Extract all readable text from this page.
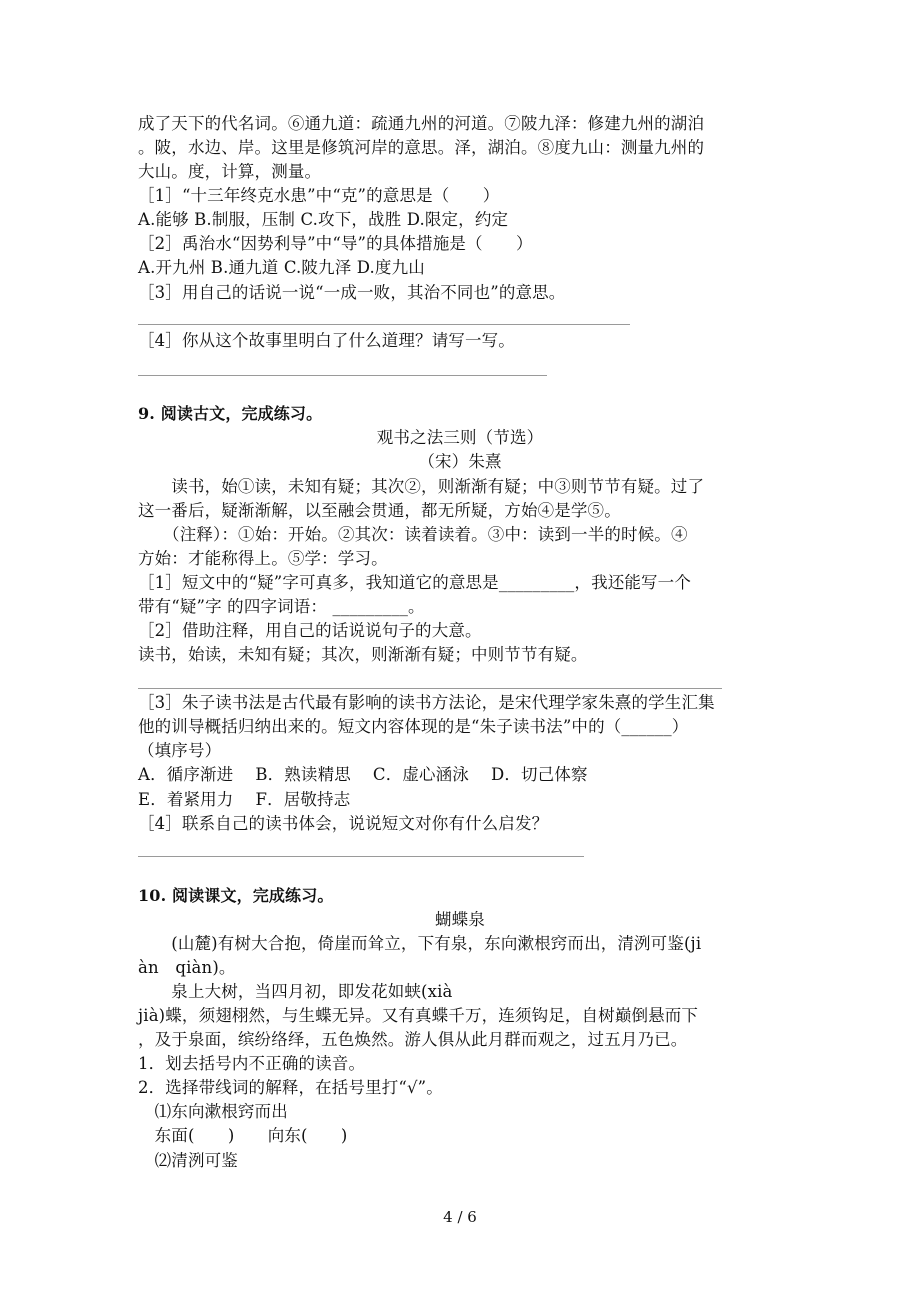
成了天下的代名词。⑥通九道：疏通九州的河道。⑦陂九泽：修建九州的湖泊

。陂，水边、岸。这里是修筑河岸的意思。泽，湖泊。⑧度九山：测量九州的

大山。度，计算，测量。

［1］“十三年终克水患”中“克”的意思是（　　）

A.能够 B.制服，压制 C.攻下，战胜 D.限定，约定

［2］禹治水“因势利导”中“导”的具体措施是（　　）

A.开九州 B.通九道 C.陂九泽 D.度九山

［3］用自己的话说一说“一成一败，其治不同也”的意思。

［4］你从这个故事里明白了什么道理？请写一写。

9. 阅读古文，完成练习。

观书之法三则（节选）

（宋）朱熹

　　读书，始①读，未知有疑；其次②，则渐渐有疑；中③则节节有疑。过了

这一番后，疑渐渐解，以至融会贯通，都无所疑，方始④是学⑤。

　　（注释）：①始：开始。②其次：读着读着。③中：读到一半的时候。④

方始：才能称得上。⑤学：学习。

［1］短文中的“疑”字可真多，我知道它的意思是_________，我还能写一个

带有“疑”字 的四字词语： _________。

［2］借助注释，用自己的话说说句子的大意。

读书，始读，未知有疑；其次，则渐渐有疑；中则节节有疑。

［3］朱子读书法是古代最有影响的读书方法论，是宋代理学家朱熹的学生汇集

他的训导概括归纳出来的。短文内容体现的是“朱子读书法”中的（______）

（填序号）

A．循序渐进　 B．熟读精思　 C．虚心涵泳　 D．切己体察

E．着紧用力　 F．居敬持志

［4］联系自己的读书体会，说说短文对你有什么启发？

10. 阅读课文，完成练习。

蝴蝶泉

　　(山麓)有树大合抱，倚崖而耸立，下有泉，东向漱根窍而出，清洌可鉴(ji

àn　qiàn)。

　　泉上大树，当四月初，即发花如蛱(xià

jià)蝶，须翅栩然，与生蝶无异。又有真蝶千万，连须钩足，自树巅倒悬而下

，及于泉面，缤纷络绎，五色焕然。游人俱从此月群而观之，过五月乃已。

1．划去括号内不正确的读音。

2．选择带线词的解释，在括号里打“√”。

　⑴东向漱根窍而出

　东面(　　)　　向东(　　)

　⑵清洌可鉴

4 / 6
